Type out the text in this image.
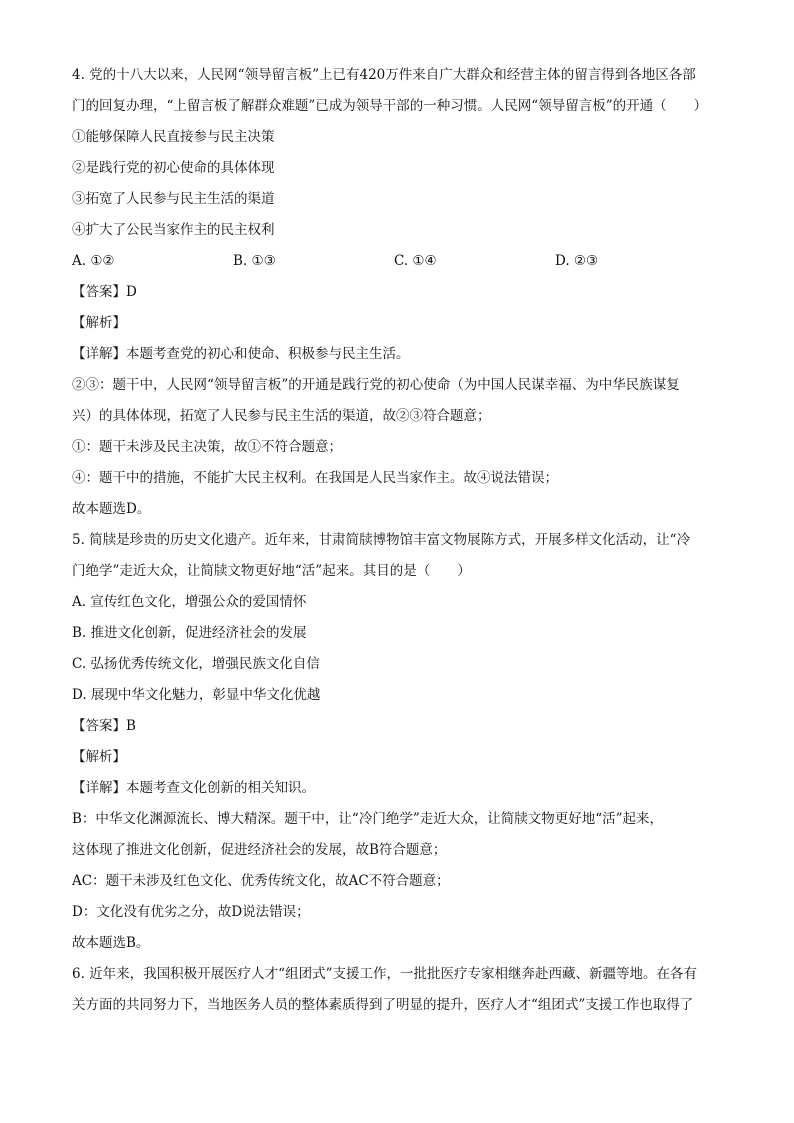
4. 党的十八大以来，人民网“领导留言板”上已有420万件来自广大群众和经营主体的留言得到各地区各部
门的回复办理，“上留言板了解群众难题”已成为领导干部的一种习惯。人民网“领导留言板”的开通（　　）
①能够保障人民直接参与民主决策
②是践行党的初心使命的具体体现
③拓宽了人民参与民主生活的渠道
④扩大了公民当家作主的民主权利
A. ①②	B. ①③	C. ①④	D. ②③
【答案】D
【解析】
【详解】本题考查党的初心和使命、积极参与民主生活。
②③：题干中，人民网“领导留言板”的开通是践行党的初心使命（为中国人民谋幸福、为中华民族谋复
兴）的具体体现，拓宽了人民参与民主生活的渠道，故②③符合题意；
①：题干未涉及民主决策，故①不符合题意；
④：题干中的措施，不能扩大民主权利。在我国是人民当家作主。故④说法错误；
故本题选D。
5. 简牍是珍贵的历史文化遗产。近年来，甘肃简牍博物馆丰富文物展陈方式，开展多样文化活动，让“冷
门绝学”走近大众，让简牍文物更好地“活”起来。其目的是（　　）
A. 宣传红色文化，增强公众的爱国情怀
B. 推进文化创新，促进经济社会的发展
C. 弘扬优秀传统文化，增强民族文化自信
D. 展现中华文化魅力，彰显中华文化优越
【答案】B
【解析】
【详解】本题考查文化创新的相关知识。
B：中华文化渊源流长、博大精深。题干中，让“冷门绝学”走近大众，让简牍文物更好地“活”起来，
这体现了推进文化创新，促进经济社会的发展，故B符合题意；
AC：题干未涉及红色文化、优秀传统文化，故AC不符合题意；
D：文化没有优劣之分，故D说法错误；
故本题选B。
6. 近年来，我国积极开展医疗人才“组团式”支援工作，一批批医疗专家相继奔赴西藏、新疆等地。在各有
关方面的共同努力下，当地医务人员的整体素质得到了明显的提升，医疗人才“组团式”支援工作也取得了
